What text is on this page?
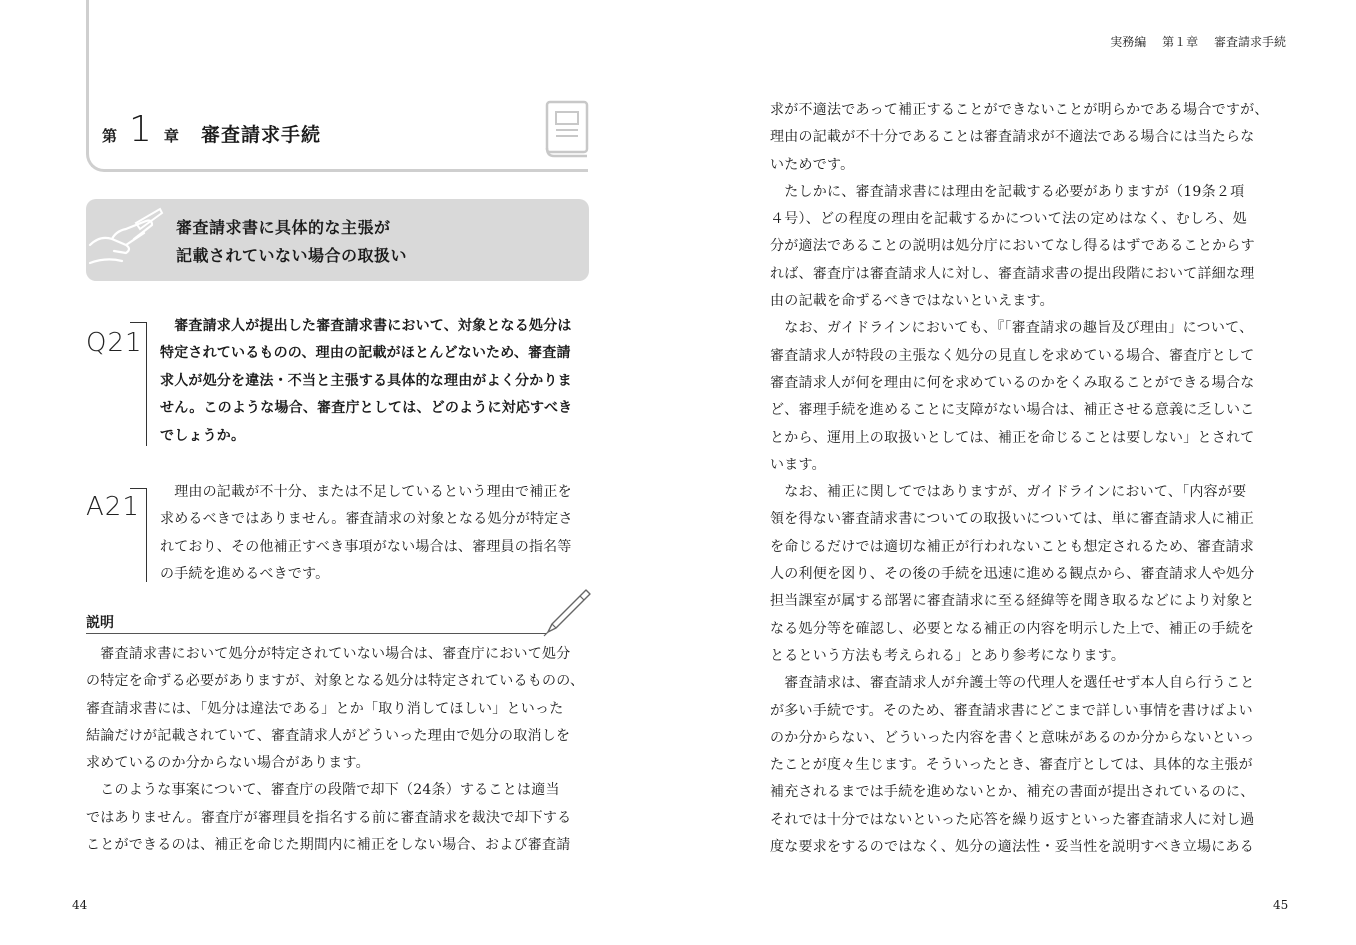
実務編 第１章 審査請求手続
第 1 章 審査請求手続
審査請求書に具体的な主張が
記載されていない場合の取扱い
Q21
　審査請求人が提出した審査請求書において、対象となる処分は
特定されているものの、理由の記載がほとんどないため、審査請
求人が処分を違法・不当と主張する具体的な理由がよく分かりま
せん。このような場合、審査庁としては、どのように対応すべき
でしょうか。
A21 　理由の記載が不十分、または不足しているという理由で補正を
求めるべきではありません。審査請求の対象となる処分が特定さ
れており、その他補正すべき事項がない場合は、審理員の指名等
の手続を進めるべきです。
説明
　審査請求書において処分が特定されていない場合は、審査庁において処分
の特定を命ずる必要がありますが、対象となる処分は特定されているものの、
審査請求書には、「処分は違法である」とか「取り消してほしい」といった
結論だけが記載されていて、審査請求人がどういった理由で処分の取消しを
求めているのか分からない場合があります。
　このような事案について、審査庁の段階で却下（24条）することは適当
ではありません。審査庁が審理員を指名する前に審査請求を裁決で却下する
ことができるのは、補正を命じた期間内に補正をしない場合、および審査請
求が不適法であって補正することができないことが明らかである場合ですが、
理由の記載が不十分であることは審査請求が不適法である場合には当たらな
いためです。
　たしかに、審査請求書には理由を記載する必要がありますが（19条２項
４号）、どの程度の理由を記載するかについて法の定めはなく、むしろ、処
分が適法であることの説明は処分庁においてなし得るはずであることからす
れば、審査庁は審査請求人に対し、審査請求書の提出段階において詳細な理
由の記載を命ずるべきではないといえます。
　なお、ガイドラインにおいても、『「審査請求の趣旨及び理由」について、
審査請求人が特段の主張なく処分の見直しを求めている場合、審査庁として
審査請求人が何を理由に何を求めているのかをくみ取ることができる場合な
ど、審理手続を進めることに支障がない場合は、補正させる意義に乏しいこ
とから、運用上の取扱いとしては、補正を命じることは要しない」とされて
います。
　なお、補正に関してではありますが、ガイドラインにおいて、「内容が要
領を得ない審査請求書についての取扱いについては、単に審査請求人に補正
を命じるだけでは適切な補正が行われないことも想定されるため、審査請求
人の利便を図り、その後の手続を迅速に進める観点から、審査請求人や処分
担当課室が属する部署に審査請求に至る経緯等を聞き取るなどにより対象と
なる処分等を確認し、必要となる補正の内容を明示した上で、補正の手続を
とるという方法も考えられる」とあり参考になります。
　審査請求は、審査請求人が弁護士等の代理人を選任せず本人自ら行うこと
が多い手続です。そのため、審査請求書にどこまで詳しい事情を書けばよい
のか分からない、どういった内容を書くと意味があるのか分からないといっ
たことが度々生じます。そういったとき、審査庁としては、具体的な主張が
補充されるまでは手続を進めないとか、補充の書面が提出されているのに、
それでは十分ではないといった応答を繰り返すといった審査請求人に対し過
度な要求をするのではなく、処分の適法性・妥当性を説明すべき立場にある
44	45
